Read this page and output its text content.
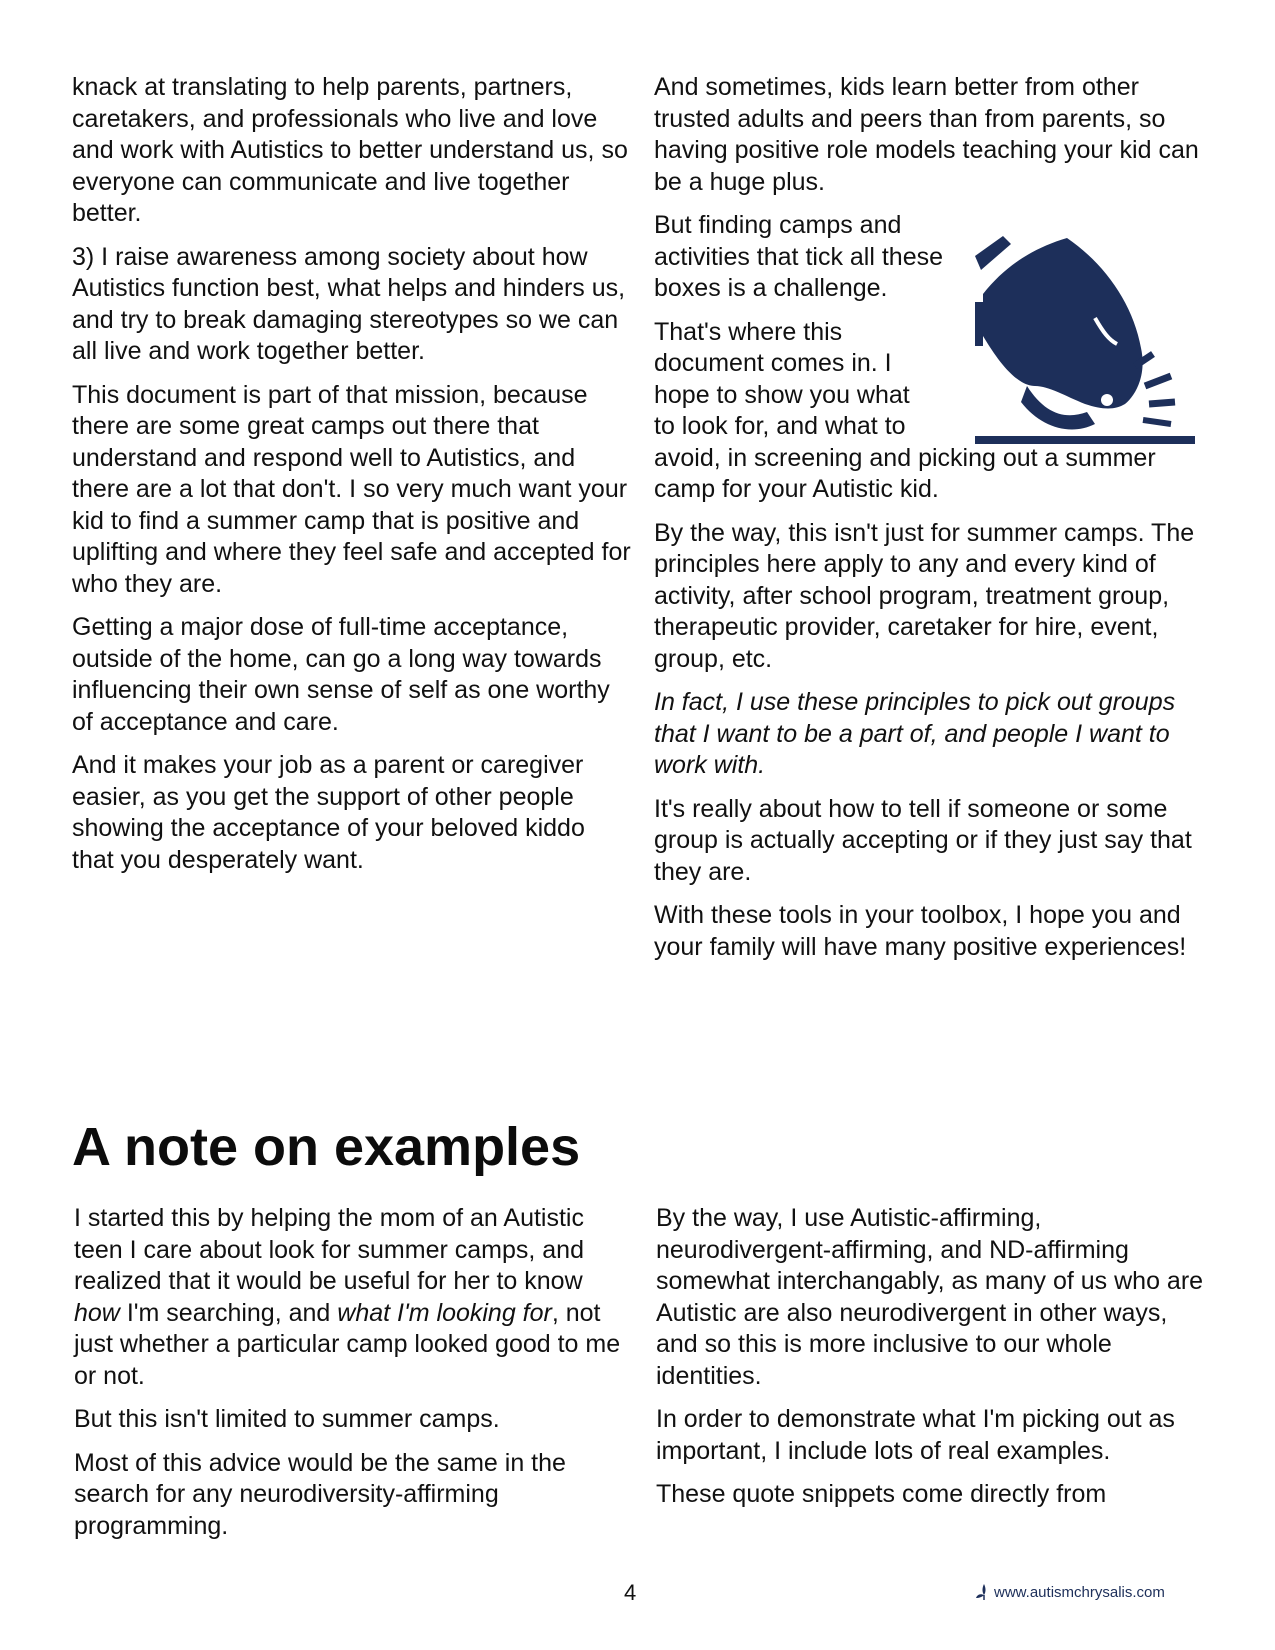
knack at translating to help parents, partners, caretakers, and professionals who live and love and work with Autistics to better understand us, so everyone can communicate and live together better.

3) I raise awareness among society about how Autistics function best, what helps and hinders us, and try to break damaging stereotypes so we can all live and work together better.

This document is part of that mission, because there are some great camps out there that understand and respond well to Autistics, and there are a lot that don't. I so very much want your kid to find a summer camp that is positive and uplifting and where they feel safe and accepted for who they are.

Getting a major dose of full-time acceptance, outside of the home, can go a long way towards influencing their own sense of self as one worthy of acceptance and care.

And it makes your job as a parent or caregiver easier, as you get the support of other people showing the acceptance of your beloved kiddo that you desperately want.

And sometimes, kids learn better from other trusted adults and peers than from parents, so having positive role models teaching your kid can be a huge plus.

But finding camps and activities that tick all these boxes is a challenge.

That's where this
document comes in. I
hope to show you what
to look for, and what to
avoid, in screening and picking out a summer camp for your Autistic kid.

By the way, this isn't just for summer camps. The principles here apply to any and every kind of activity, after school program, treatment group, therapeutic provider, caretaker for hire, event, group, etc.

In fact, I use these principles to pick out groups that I want to be a part of, and people I want to work with.

It's really about how to tell if someone or some group is actually accepting or if they just say that they are.

With these tools in your toolbox, I hope you and your family will have many positive experiences!

A note on examples

I started this by helping the mom of an Autistic teen I care about look for summer camps, and realized that it would be useful for her to know how I'm searching, and what I'm looking for, not just whether a particular camp looked good to me or not.

But this isn't limited to summer camps.

Most of this advice would be the same in the search for any neurodiversity-affirming programming.

By the way, I use Autistic-affirming, neurodivergent-affirming, and ND-affirming somewhat interchangably, as many of us who are Autistic are also neurodivergent in other ways, and so this is more inclusive to our whole identities.

In order to demonstrate what I'm picking out as important, I include lots of real examples.

These quote snippets come directly from

4	www.autismchrysalis.com
